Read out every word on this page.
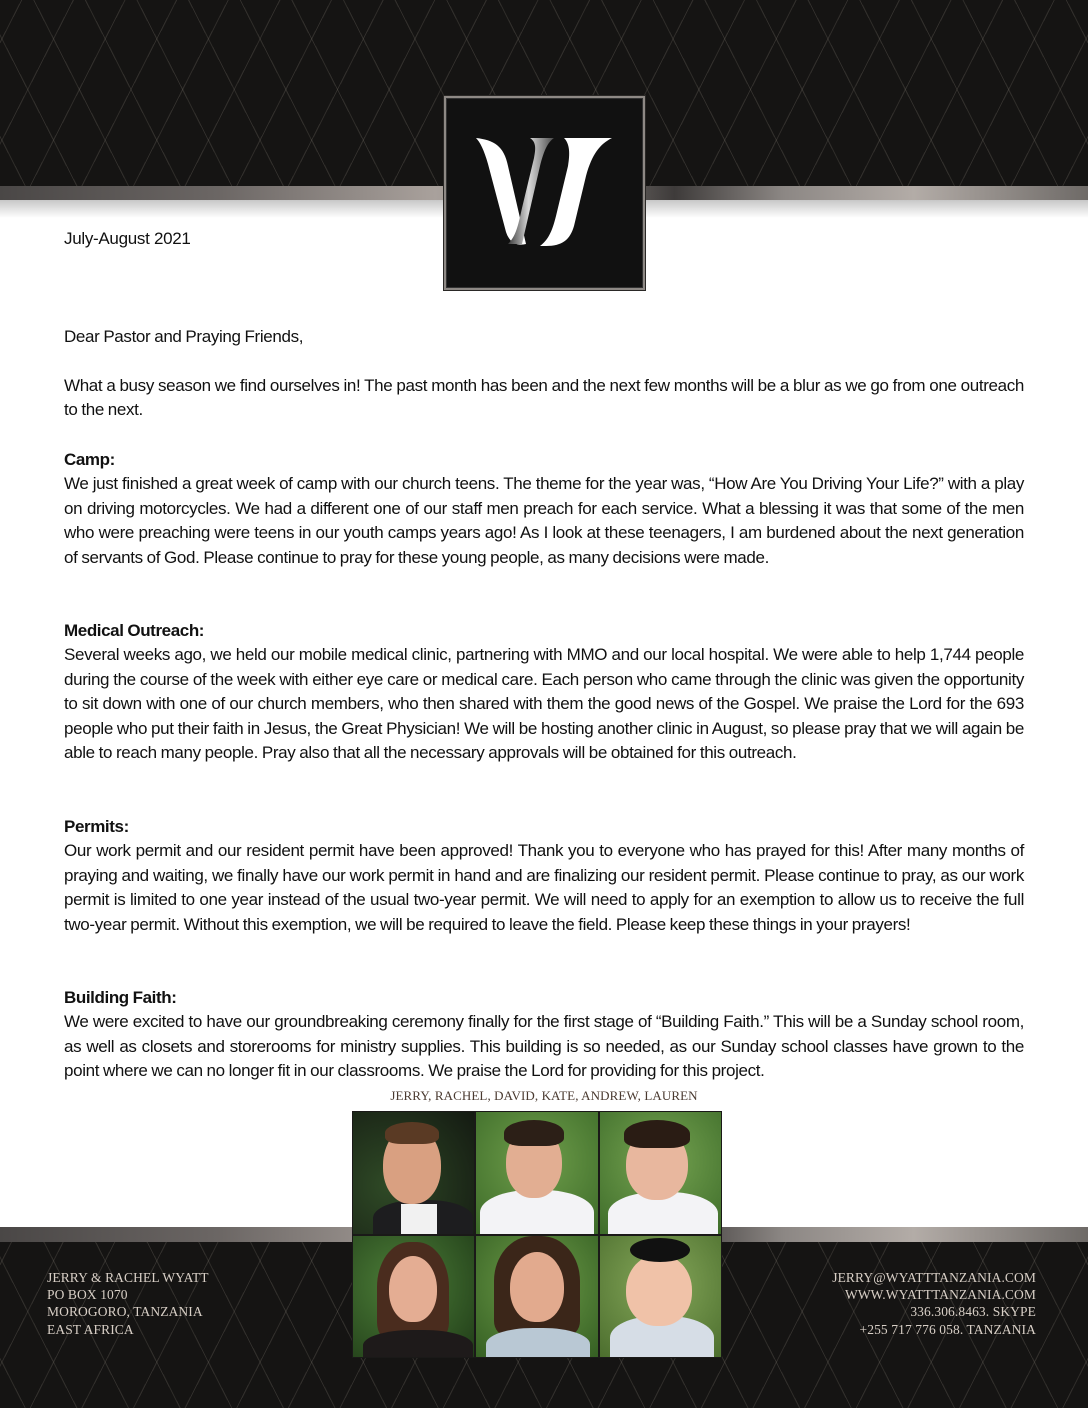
July-August 2021

Dear Pastor and Praying Friends,

What a busy season we find ourselves in! The past month has been and the next few months will be a blur as we go from one outreach to the next.

Camp:

We just finished a great week of camp with our church teens. The theme for the year was, “How Are You Driving Your Life?” with a play on driving motorcycles. We had a different one of our staff men preach for each service. What a blessing it was that some of the men who were preaching were teens in our youth camps years ago! As I look at these teenagers, I am burdened about the next generation of servants of God. Please continue to pray for these young people, as many decisions were made.

Medical Outreach:

Several weeks ago, we held our mobile medical clinic, partnering with MMO and our local hospital. We were able to help 1,744 people during the course of the week with either eye care or medical care. Each person who came through the clinic was given the opportunity to sit down with one of our church members, who then shared with them the good news of the Gospel. We praise the Lord for the 693 people who put their faith in Jesus, the Great Physician! We will be hosting another clinic in August, so please pray that we will again be able to reach many people. Pray also that all the necessary approvals will be obtained for this outreach.

Permits:

Our work permit and our resident permit have been approved! Thank you to everyone who has prayed for this! After many months of praying and waiting, we finally have our work permit in hand and are finalizing our resident permit. Please continue to pray, as our work permit is limited to one year instead of the usual two-year permit. We will need to apply for an exemption to allow us to receive the full two-year permit. Without this exemption, we will be required to leave the field. Please keep these things in your prayers!

Building Faith:

We were excited to have our groundbreaking ceremony finally for the first stage of “Building Faith.” This will be a Sunday school room, as well as closets and storerooms for ministry supplies. This building is so needed, as our Sunday school classes have grown to the point where we can no longer fit in our classrooms. We praise the Lord for providing for this project.

JERRY, RACHEL, DAVID, KATE, ANDREW, LAUREN
JERRY & RACHEL WYATT
PO BOX 1070
MOROGORO, TANZANIA
EAST AFRICA
JERRY@WYATTTANZANIA.COM
WWW.WYATTTANZANIA.COM
336.306.8463. SKYPE
+255 717 776 058. TANZANIA
